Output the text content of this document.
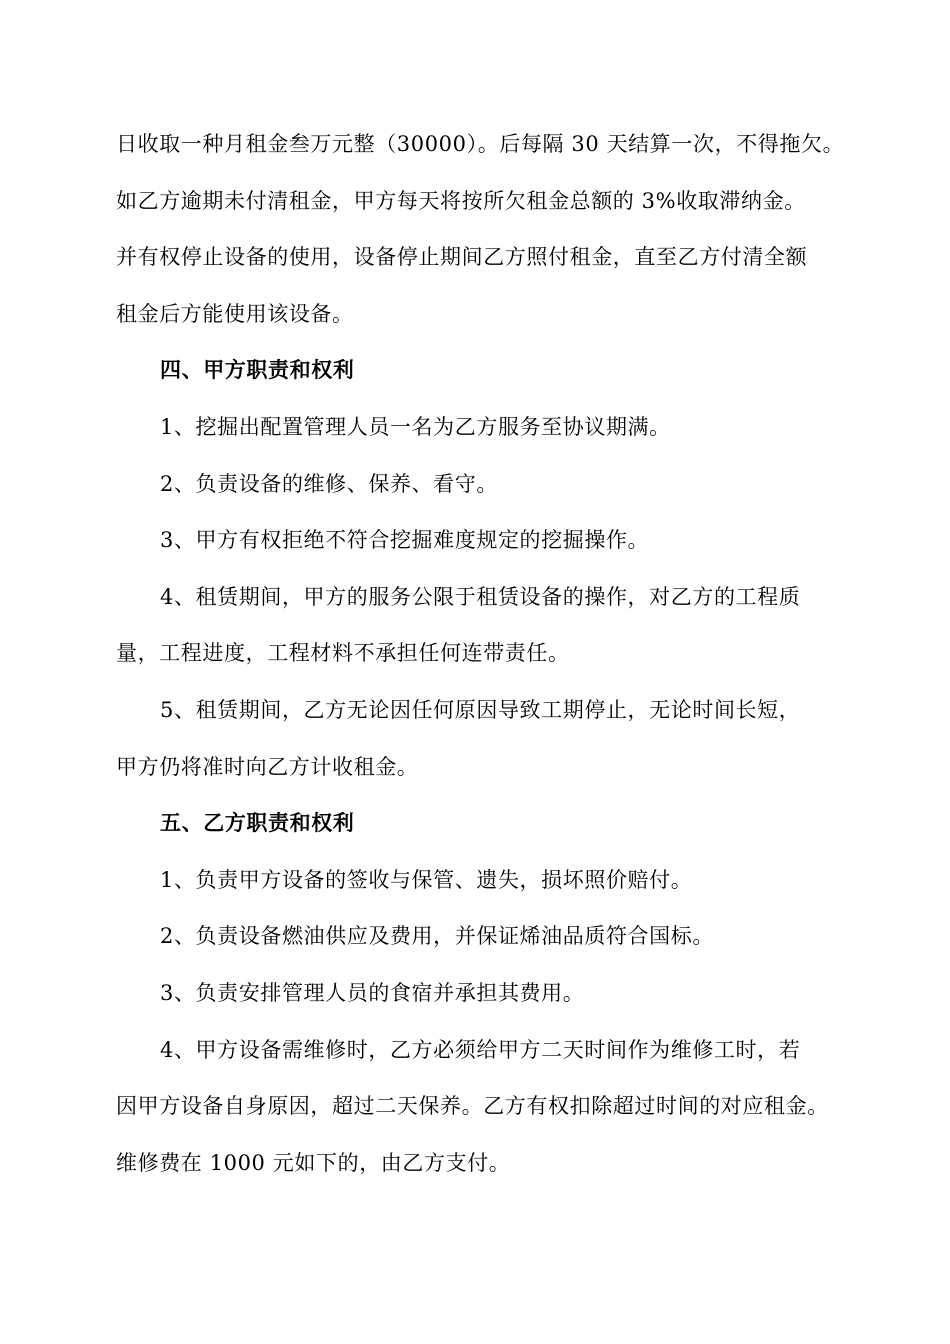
日收取一种月租金叁万元整（30000）。后每隔 30 天结算一次，不得拖欠。
如乙方逾期未付清租金，甲方每天将按所欠租金总额的 3%收取滞纳金。
并有权停止设备的使用，设备停止期间乙方照付租金，直至乙方付清全额
租金后方能使用该设备。
四、甲方职责和权利
1、挖掘出配置管理人员一名为乙方服务至协议期满。
2、负责设备的维修、保养、看守。
3、甲方有权拒绝不符合挖掘难度规定的挖掘操作。
4、租赁期间，甲方的服务公限于租赁设备的操作，对乙方的工程质
量，工程进度，工程材料不承担任何连带责任。
5、租赁期间，乙方无论因任何原因导致工期停止，无论时间长短，
甲方仍将准时向乙方计收租金。
五、乙方职责和权利
1、负责甲方设备的签收与保管、遗失，损坏照价赔付。
2、负责设备燃油供应及费用，并保证烯油品质符合国标。
3、负责安排管理人员的食宿并承担其费用。
4、甲方设备需维修时，乙方必须给甲方二天时间作为维修工时，若
因甲方设备自身原因，超过二天保养。乙方有权扣除超过时间的对应租金。
维修费在 1000 元如下的，由乙方支付。
